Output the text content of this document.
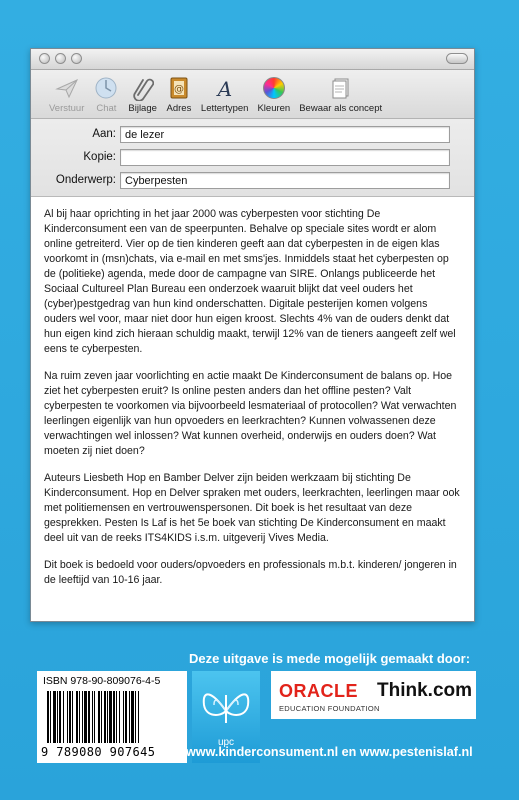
Verstuur Chat Bijlage
@
Adres
A
Lettertypen Kleuren Bewaar als concept
Aan: de lezer
Kopie:
Onderwerp: Cyberpesten

Al bij haar oprichting in het jaar 2000 was cyberpesten voor stichting De Kinderconsument een van de speerpunten. Behalve op speciale sites wordt er alom online getreiterd. Vier op de tien kinderen geeft aan dat cyberpesten in de eigen klas voorkomt in (msn)chats, via e-mail en met sms'jes. Inmiddels staat het cyberpesten op de (politieke) agenda, mede door de campagne van SIRE. Onlangs publiceerde het Sociaal Cultureel Plan Bureau een onderzoek waaruit blijkt dat veel ouders het (cyber)pestgedrag van hun kind onderschatten. Digitale pesterijen komen volgens ouders wel voor, maar niet door hun eigen kroost. Slechts 4% van de ouders denkt dat hun eigen kind zich hieraan schuldig maakt, terwijl 12% van de tieners aangeeft zelf wel eens te cyberpesten.

Na ruim zeven jaar voorlichting en actie maakt De Kinderconsument de balans op. Hoe ziet het cyberpesten eruit? Is online pesten anders dan het offline pesten? Valt cyberpesten te voorkomen via bijvoorbeeld lesmateriaal of protocollen? Wat verwachten leerlingen eigenlijk van hun opvoeders en leerkrachten? Kunnen volwassenen deze verwachtingen wel inlossen? Wat kunnen overheid, onderwijs en ouders doen? Wat moeten zij niet doen?

Auteurs Liesbeth Hop en Bamber Delver zijn beiden werkzaam bij stichting De Kinderconsument. Hop en Delver spraken met ouders, leerkrachten, leerlingen maar ook met politiemensen en vertrouwenspersonen. Dit boek is het resultaat van deze gesprekken. Pesten Is Laf is het 5e boek van stichting De Kinderconsument en maakt deel uit van de reeks ITS4KIDS i.s.m. uitgeverij Vives Media.

Dit boek is bedoeld voor ouders/opvoeders en professionals m.b.t. kinderen/ jongeren in de leeftijd van 10-16 jaar.

Deze uitgave is mede mogelijk gemaakt door:
ISBN 978-90-809076-4-5
9 789080 907645
upc
ORACLE Think.com
EDUCATION FOUNDATION
www.kinderconsument.nl en www.pestenislaf.nl
